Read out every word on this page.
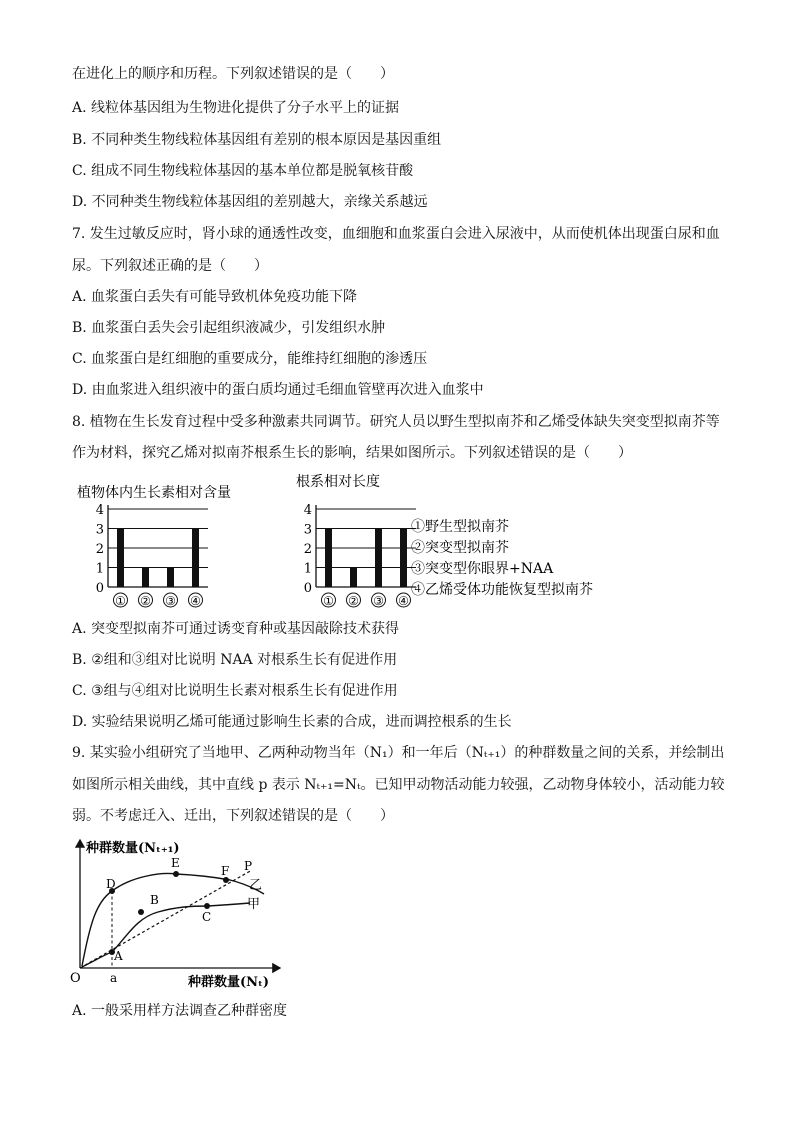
在进化上的顺序和历程。下列叙述错误的是（　　）
A. 线粒体基因组为生物进化提供了分子水平上的证据
B. 不同种类生物线粒体基因组有差别的根本原因是基因重组
C. 组成不同生物线粒体基因的基本单位都是脱氧核苷酸
D. 不同种类生物线粒体基因组的差别越大，亲缘关系越远
7. 发生过敏反应时，肾小球的通透性改变，血细胞和血浆蛋白会进入尿液中，从而使机体出现蛋白尿和血
尿。下列叙述正确的是（　　）
A. 血浆蛋白丢失有可能导致机体免疫功能下降
B. 血浆蛋白丢失会引起组织液减少，引发组织水肿
C. 血浆蛋白是红细胞的重要成分，能维持红细胞的渗透压
D. 由血浆进入组织液中的蛋白质均通过毛细血管壁再次进入血浆中
8. 植物在生长发育过程中受多种激素共同调节。研究人员以野生型拟南芥和乙烯受体缺失突变型拟南芥等
作为材料，探究乙烯对拟南芥根系生长的影响，结果如图所示。下列叙述错误的是（　　）
植物体内生长素相对含量
0
1
2
3
4
① ② ③ ④
根系相对长度
0
1
2
3
4
① ② ③ ④
①野生型拟南芥
②突变型拟南芥
③突变型你眼界+NAA
④乙烯受体功能恢复型拟南芥
A. 突变型拟南芥可通过诱变育种或基因敲除技术获得
B. ②组和③组对比说明 NAA 对根系生长有促进作用
C. ③组与④组对比说明生长素对根系生长有促进作用
D. 实验结果说明乙烯可能通过影响生长素的合成，进而调控根系的生长
9. 某实验小组研究了当地甲、乙两种动物当年（N₁）和一年后（Nₜ₊₁）的种群数量之间的关系，并绘制出
如图所示相关曲线，其中直线 p 表示 Nₜ₊₁=Nₜ。已知甲动物活动能力较强，乙动物身体较小，活动能力较
弱。不考虑迁入、迁出，下列叙述错误的是（　　）
种群数量(Nₜ₊₁)
种群数量(Nₜ)
O a
P
乙
甲
A
B
C
D
E
F
A. 一般采用样方法调查乙种群密度
